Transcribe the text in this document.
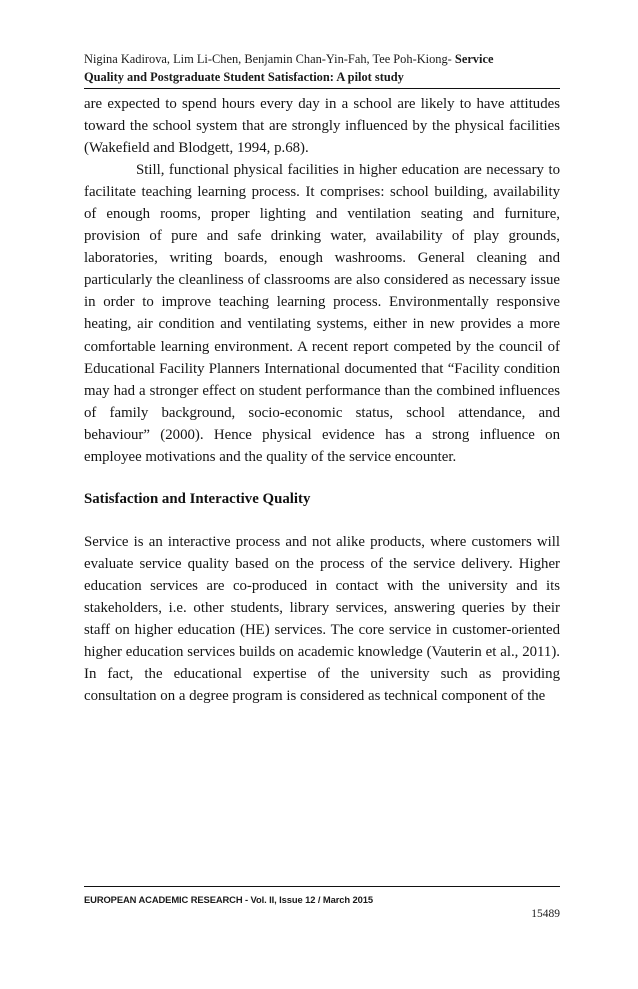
Nigina Kadirova, Lim Li-Chen, Benjamin Chan-Yin-Fah, Tee Poh-Kiong- Service
Quality and Postgraduate Student Satisfaction: A pilot study

are expected to spend hours every day in a school are likely to have attitudes toward the school system that are strongly influenced by the physical facilities (Wakefield and Blodgett, 1994, p.68).

Still, functional physical facilities in higher education are necessary to facilitate teaching learning process. It comprises: school building, availability of enough rooms, proper lighting and ventilation seating and furniture, provision of pure and safe drinking water, availability of play grounds, laboratories, writing boards, enough washrooms. General cleaning and particularly the cleanliness of classrooms are also considered as necessary issue in order to improve teaching learning process. Environmentally responsive heating, air condition and ventilating systems, either in new provides a more comfortable learning environment. A recent report competed by the council of Educational Facility Planners International documented that “Facility condition may had a stronger effect on student performance than the combined influences of family background, socio-economic status, school attendance, and behaviour” (2000). Hence physical evidence has a strong influence on employee motivations and the quality of the service encounter.

Satisfaction and Interactive Quality

Service is an interactive process and not alike products, where customers will evaluate service quality based on the process of the service delivery. Higher education services are co-produced in contact with the university and its stakeholders, i.e. other students, library services, answering queries by their staff on higher education (HE) services. The core service in customer-oriented higher education services builds on academic knowledge (Vauterin et al., 2011). In fact, the educational expertise of the university such as providing consultation on a degree program is considered as technical component of the

EUROPEAN ACADEMIC RESEARCH - Vol. II, Issue 12 / March 2015
15489
